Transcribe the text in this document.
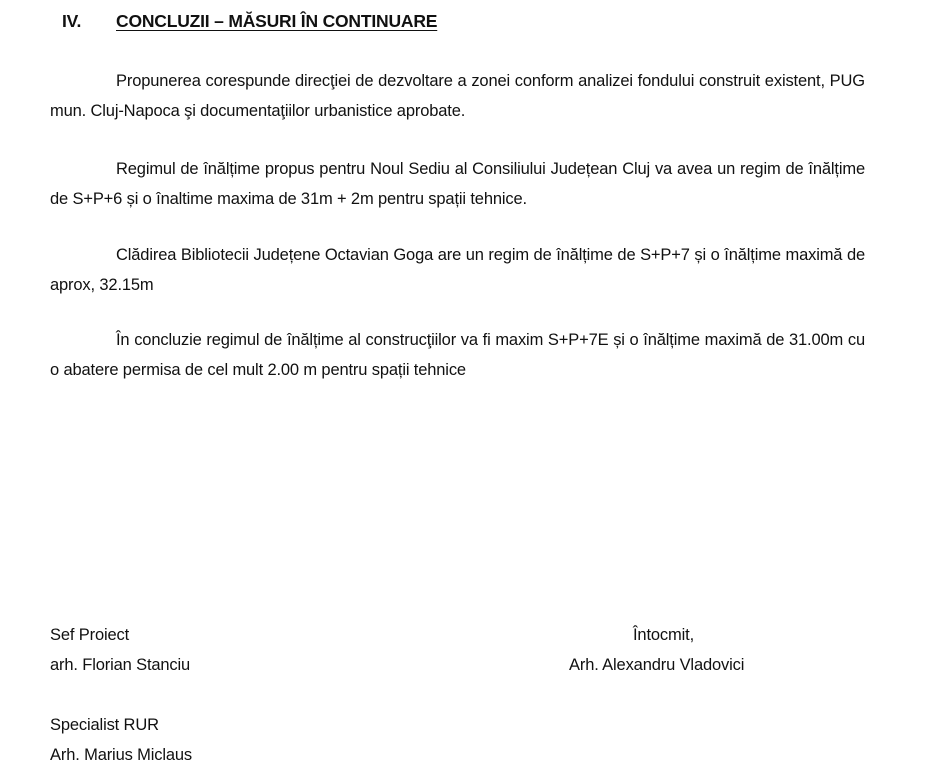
IV. CONCLUZII – MĂSURI ÎN CONTINUARE
Propunerea corespunde direcţiei de dezvoltare a zonei conform analizei fondului construit existent, PUG mun. Cluj-Napoca şi documentaţiilor urbanistice aprobate.
Regimul de înălțime propus pentru Noul Sediu al Consiliului Județean Cluj va avea un regim de înălțime de S+P+6 și o înaltime maxima de 31m + 2m pentru spații tehnice.
Clădirea Bibliotecii Județene Octavian Goga are un regim de înălțime de S+P+7 și o înălțime maximă de aprox, 32.15m
În concluzie regimul de înălțime al construcţiilor va fi maxim S+P+7E și o înălțime maximă de 31.00m cu o abatere permisa de cel mult 2.00 m pentru spații tehnice
Sef Proiect
arh. Florian Stanciu
Întocmit,
Arh. Alexandru Vladovici
Specialist RUR
Arh. Marius Miclaus
